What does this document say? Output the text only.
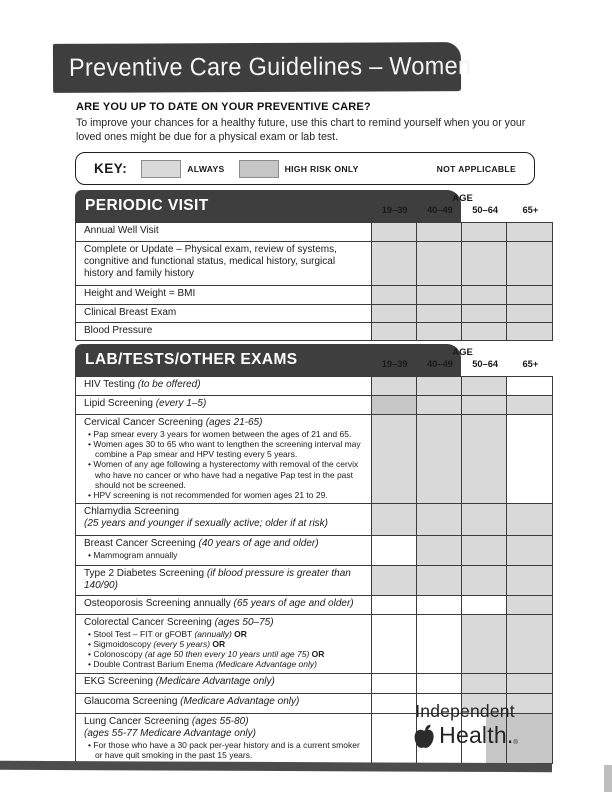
Preventive Care Guidelines – Women
ARE YOU UP TO DATE ON YOUR PREVENTIVE CARE?
To improve your chances for a healthy future, use this chart to remind yourself when you or your loved ones might be due for a physical exam or lab test.
KEY:	ALWAYS	HIGH RISK ONLY	NOT APPLICABLE
PERIODIC VISIT	AGE
19–39	40–49	50–64	65+
Annual Well Visit
Complete or Update – Physical exam, review of systems, congnitive and functional status, medical history, surgical history and family history
Height and Weight = BMI
Clinical Breast Exam
Blood Pressure
LAB/TESTS/OTHER EXAMS	AGE
19–39	40–49	50–64	65+
HIV Testing (to be offered)
Lipid Screening (every 1–5)
Cervical Cancer Screening (ages 21-65)
• Pap smear every 3 years for women between the ages of 21 and 65.
• Women ages 30 to 65 who want to lengthen the screening interval may combine a Pap smear and HPV testing every 5 years.
• Women of any age following a hysterectomy with removal of the cervix who have no cancer or who have had a negative Pap test in the past should not be screened.
• HPV screening is not recommended for women ages 21 to 29.
Chlamydia Screening
(25 years and younger if sexually active; older if at risk)
Breast Cancer Screening (40 years of age and older)
• Mammogram annually
Type 2 Diabetes Screening (if blood pressure is greater than 140/90)
Osteoporosis Screening annually (65 years of age and older)
Colorectal Cancer Screening (ages 50–75)
• Stool Test – FIT or gFOBT (annually) OR
• Sigmoidoscopy (every 5 years) OR
• Colonoscopy (at age 50 then every 10 years until age 75) OR
• Double Contrast Barium Enema (Medicare Advantage only)
EKG Screening (Medicare Advantage only)
Glaucoma Screening (Medicare Advantage only)
Lung Cancer Screening (ages 55-80)
(ages 55-77 Medicare Advantage only)
• For those who have a 30 pack per-year history and is a current smoker or have quit smoking in the past 15 years.
Independent
Health. ®
